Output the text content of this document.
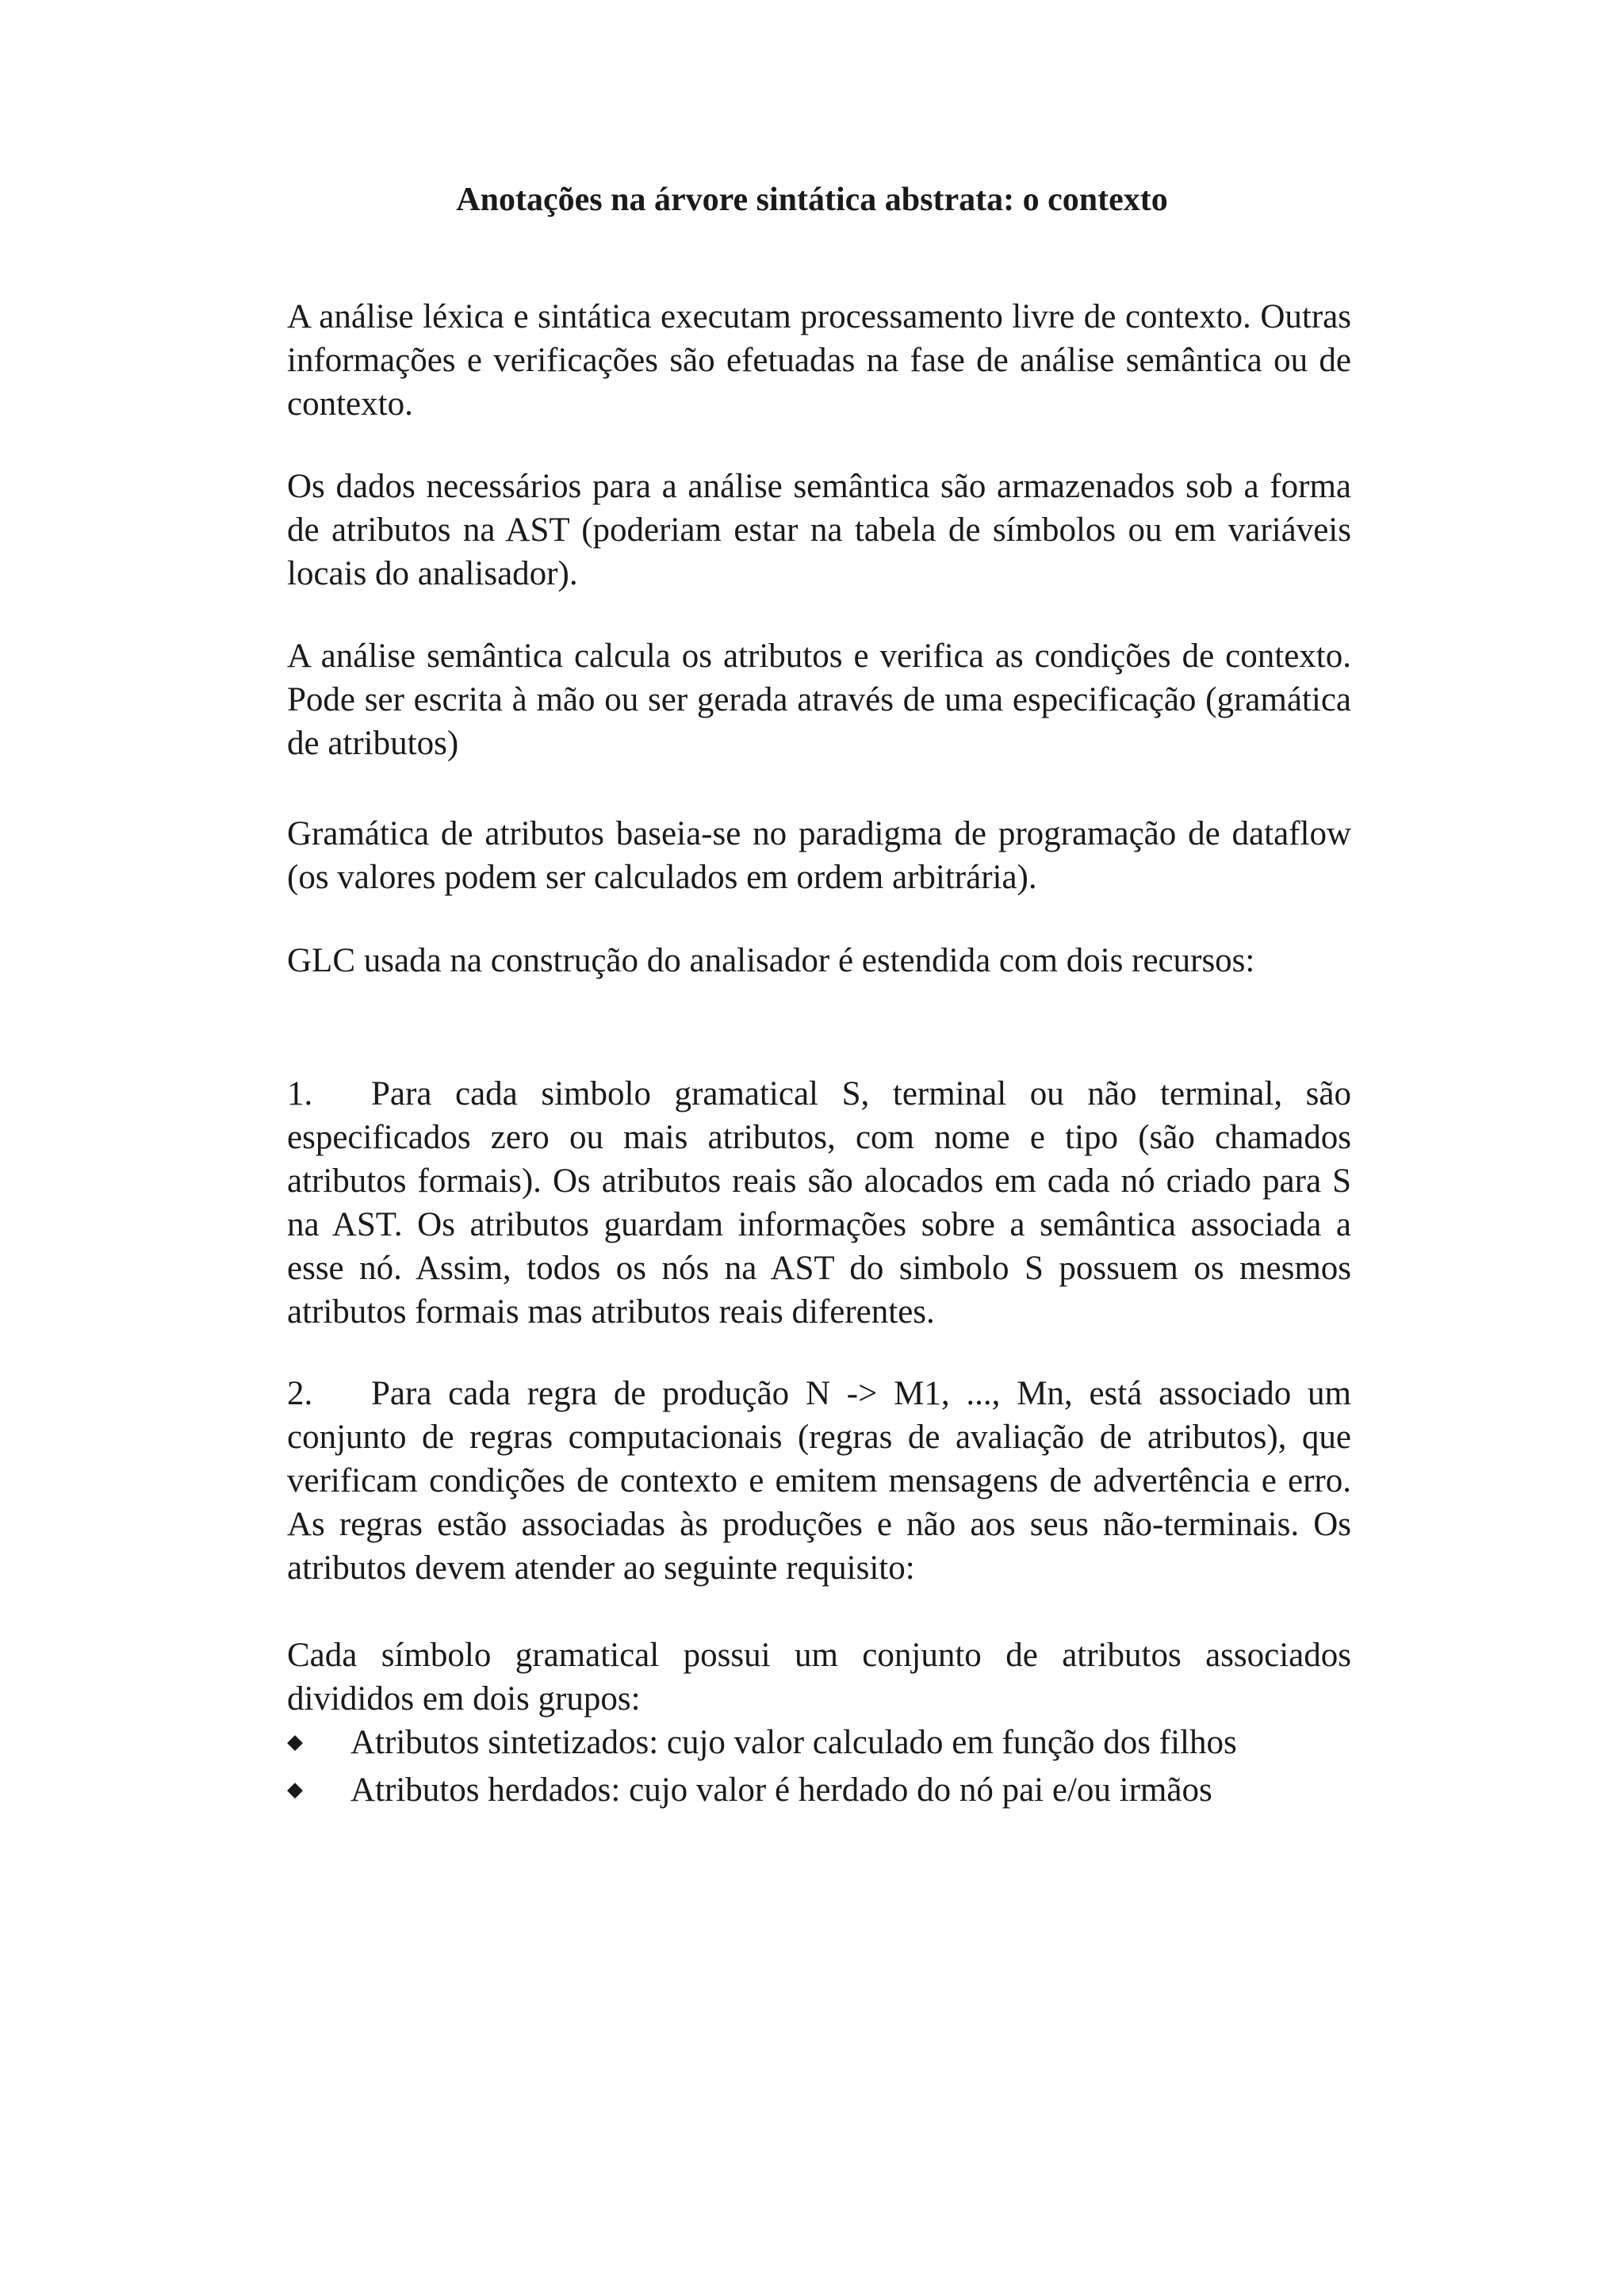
Anotações na árvore sintática abstrata: o contexto

A análise léxica e sintática executam processamento livre de contexto. Outras informações e verificações são efetuadas na fase de análise semântica ou de contexto.

Os dados necessários para a análise semântica são armazenados sob a forma de atributos na AST (poderiam estar na tabela de símbolos ou em variáveis locais do analisador).

A análise semântica calcula os atributos e verifica as condições de contexto. Pode ser escrita à mão ou ser gerada através de uma especificação (gramática de atributos)

Gramática de atributos baseia-se no paradigma de programação de dataflow (os valores podem ser calculados em ordem arbitrária).

GLC usada na construção do analisador é estendida com dois recursos:

1. Para cada simbolo gramatical S, terminal ou não terminal, são especificados zero ou mais atributos, com nome e tipo (são chamados atributos formais). Os atributos reais são alocados em cada nó criado para S na AST. Os atributos guardam informações sobre a semântica associada a esse nó. Assim, todos os nós na AST do simbolo S possuem os mesmos atributos formais mas atributos reais diferentes.

2. Para cada regra de produção N -> M1, ..., Mn, está associado um conjunto de regras computacionais (regras de avaliação de atributos), que verificam condições de contexto e emitem mensagens de advertência e erro. As regras estão associadas às produções e não aos seus não-terminais. Os atributos devem atender ao seguinte requisito:

Cada símbolo gramatical possui um conjunto de atributos associados divididos em dois grupos:

◆	Atributos sintetizados: cujo valor calculado em função dos filhos
◆	Atributos herdados: cujo valor é herdado do nó pai e/ou irmãos
